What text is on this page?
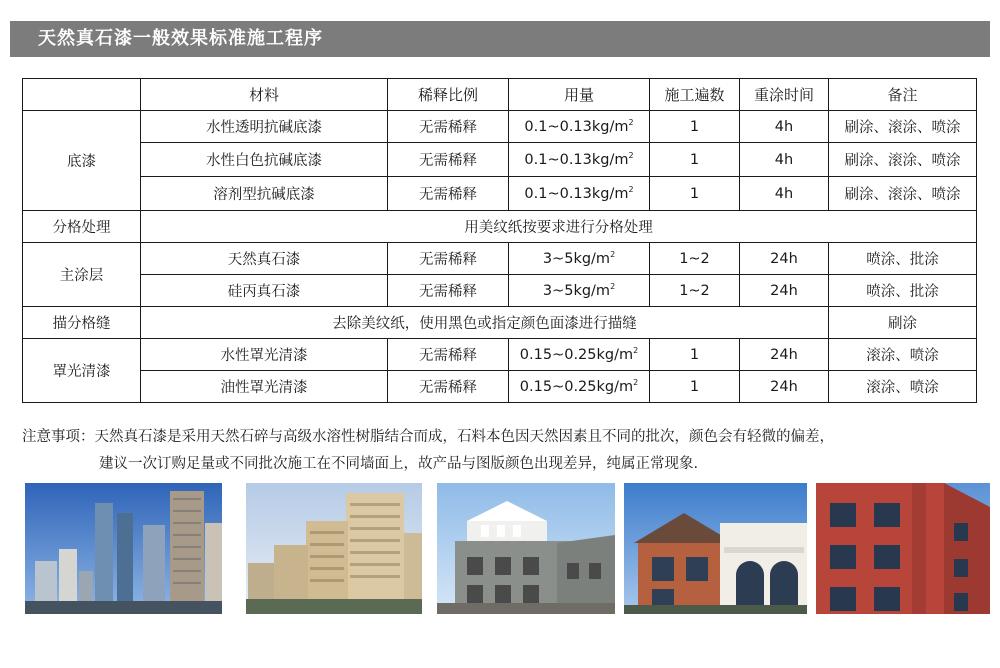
天然真石漆一般效果标准施工程序
	材料	稀释比例	用量	施工遍数	重涂时间	备注
底漆	水性透明抗碱底漆	无需稀释	$0.1\sim 0.13kg/m^2$	1	4h	刷涂、滚涂、喷涂
	水性白色抗碱底漆	无需稀释	$0.1\sim 0.13kg/m^2$	1	4h	刷涂、滚涂、喷涂
	溶剂型抗碱底漆	无需稀释	$0.1\sim 0.13kg/m^2$	1	4h	刷涂、滚涂、喷涂
分格处理	用美纹纸按要求进行分格处理					
主涂层	天然真石漆	无需稀释	$3\sim 5kg/m^2$	1~2	24h	喷涂、批涂
	硅丙真石漆	无需稀释	$3\sim 5kg/m^2$	1~2	24h	喷涂、批涂
描分格缝	去除美纹纸，使用黑色或指定颜色面漆进行描缝					刷涂
罩光清漆	水性罩光清漆	无需稀释	$0.15\sim 0.25kg/m^2$	1	24h	滚涂、喷涂
	油性罩光清漆	无需稀释	$0.15\sim 0.25kg/m^2$	1	24h	滚涂、喷涂
注意事项：天然真石漆是采用天然石碎与高级水溶性树脂结合而成，石料本色因天然因素且不同的批次，颜色会有轻微的偏差，
建议一次订购足量或不同批次施工在不同墙面上，故产品与图版颜色出现差异，纯属正常现象.
